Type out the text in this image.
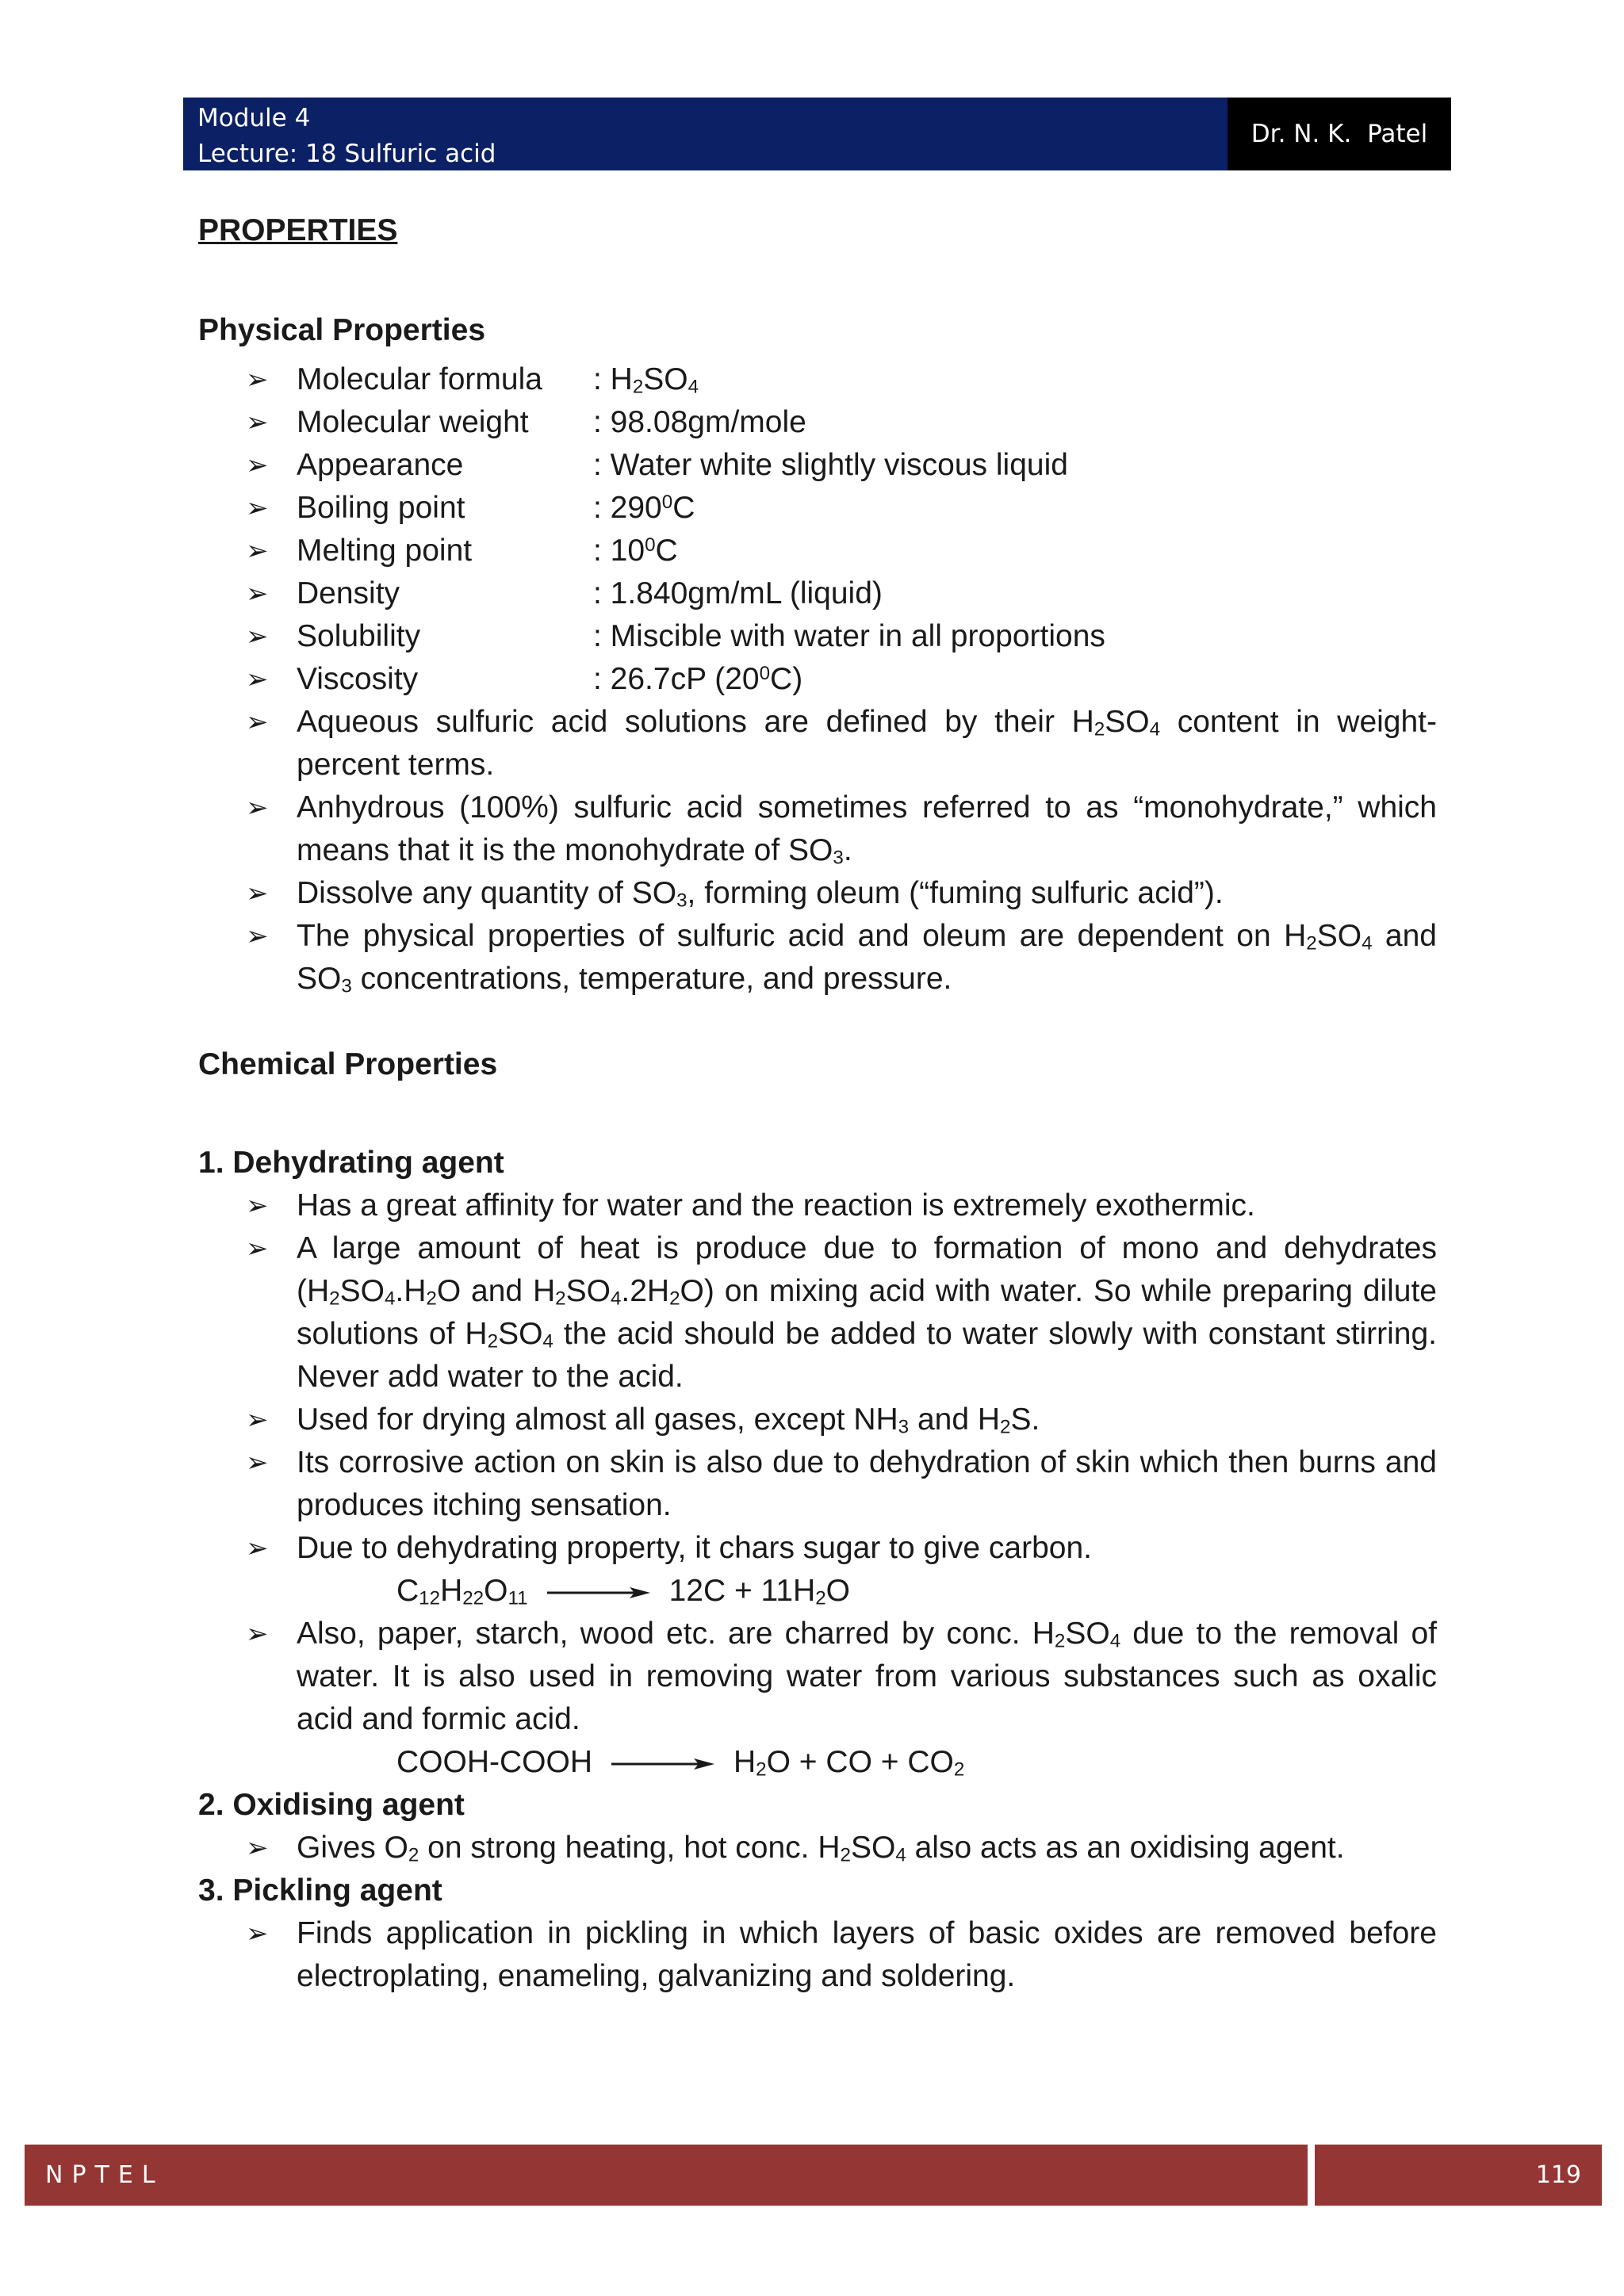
Module 4
Lecture: 18 Sulfuric acid
Dr. N. K.  Patel
PROPERTIES
Physical Properties
➢ Molecular formula : $H_2SO_4$
➢ Molecular weight : 98.08gm/mole
➢ Appearance	: Water white slightly viscous liquid
➢ Boiling point	: $290^0C$
➢ Melting point	: $10^0C$
➢ Density	: 1.840gm/mL (liquid)
➢ Solubility	: Miscible with water in all proportions
➢ Viscosity	: 26.7cP $(20^0C)$
➢ Aqueous sulfuric acid solutions are defined by their $H_2SO_4$ content in weight-percent terms.
➢ Anhydrous (100%) sulfuric acid sometimes referred to as “monohydrate,” which means that it is the monohydrate of $SO_3$.
➢ Dissolve any quantity of $SO_3$, forming oleum (“fuming sulfuric acid”).
➢ The physical properties of sulfuric acid and oleum are dependent on $H_2SO_4$ and $SO_3$ concentrations, temperature, and pressure.
Chemical Properties
1. Dehydrating agent
➢ Has a great affinity for water and the reaction is extremely exothermic.
➢ A large amount of heat is produce due to formation of mono and dehydrates ($H_2SO_4.H_2O$ and $H_2SO_4.2H_2O$) on mixing acid with water. So while preparing dilute solutions of $H_2SO_4$ the acid should be added to water slowly with constant stirring. Never add water to the acid.
➢ Used for drying almost all gases, except $NH_3$ and $H_2S$.
➢ Its corrosive action on skin is also due to dehydration of skin which then burns and produces itching sensation.
➢ Due to dehydrating property, it chars sugar to give carbon.
$C_{12}H_{22}O_{11} \to 12C + 11H_2O$
➢ Also, paper, starch, wood etc. are charred by conc. $H_2SO_4$ due to the removal of water. It is also used in removing water from various substances such as oxalic acid and formic acid.
COOH-COOH → $H_2O$ + CO + $CO_2$
2. Oxidising agent
➢ Gives $O_2$ on strong heating, hot conc. $H_2SO_4$ also acts as an oxidising agent.
3. Pickling agent
➢ Finds application in pickling in which layers of basic oxides are removed before electroplating, enameling, galvanizing and soldering.
NPTEL	119
